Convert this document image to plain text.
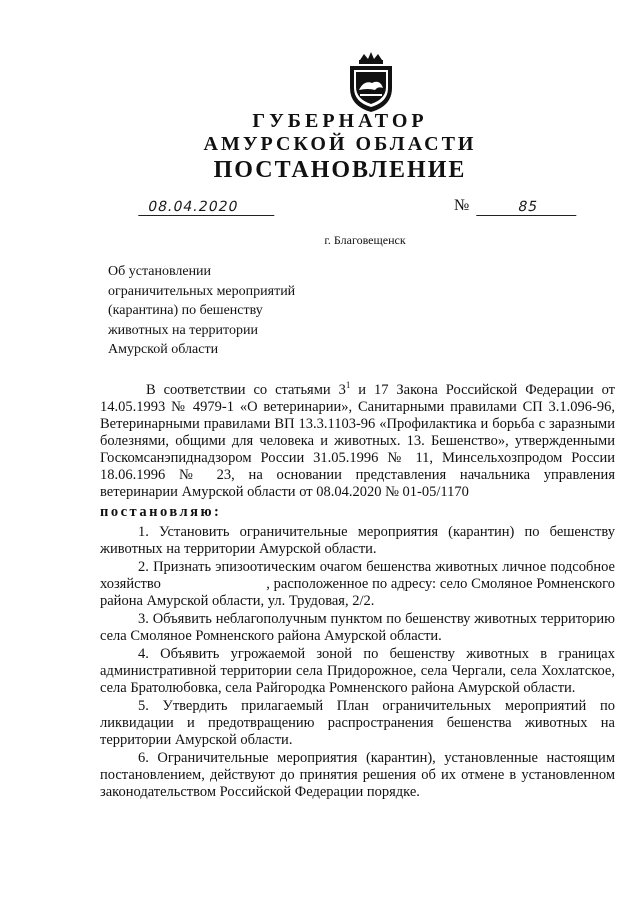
ГУБЕРНАТОР
АМУРСКОЙ ОБЛАСТИ
ПОСТАНОВЛЕНИЕ
08.04.2020	№	85
г. Благовещенск
Об установлении
ограничительных мероприятий
(карантина) по бешенству
животных на территории
Амурской области

В соответствии со статьями $3^1$ и 17 Закона Российской Федерации от 14.05.1993 № 4979-1 «О ветеринарии», Санитарными правилами СП 3.1.096-96, Ветеринарными правилами ВП 13.3.1103-96 «Профилактика и борьба с заразными болезнями, общими для человека и животных. 13. Бешенство», утвержденными Госкомсанэпиднадзором России 31.05.1996 № 11, Минсельхозпродом России 18.06.1996 № 23, на основании представления начальника управления ветеринарии Амурской области от 08.04.2020 № 01-05/1170

постановляю:

1. Установить ограничительные мероприятия (карантин) по бешенству животных на территории Амурской области.

2. Признать эпизоотическим очагом бешенства животных личное подсобное хозяйство                            , расположенное по адресу: село Смоляное Ромненского района Амурской области, ул. Трудовая, 2/2.

3. Объявить неблагополучным пунктом по бешенству животных территорию села Смоляное Ромненского района Амурской области.

4. Объявить угрожаемой зоной по бешенству животных в границах административной территории села Придорожное, села Чергали, села Хохлатское, села Братолюбовка, села Райгородка Ромненского района Амурской области.

5. Утвердить прилагаемый План ограничительных мероприятий по ликвидации и предотвращению распространения бешенства животных на территории Амурской области.

6. Ограничительные мероприятия (карантин), установленные настоящим постановлением, действуют до принятия решения об их отмене в установленном законодательством Российской Федерации порядке.
